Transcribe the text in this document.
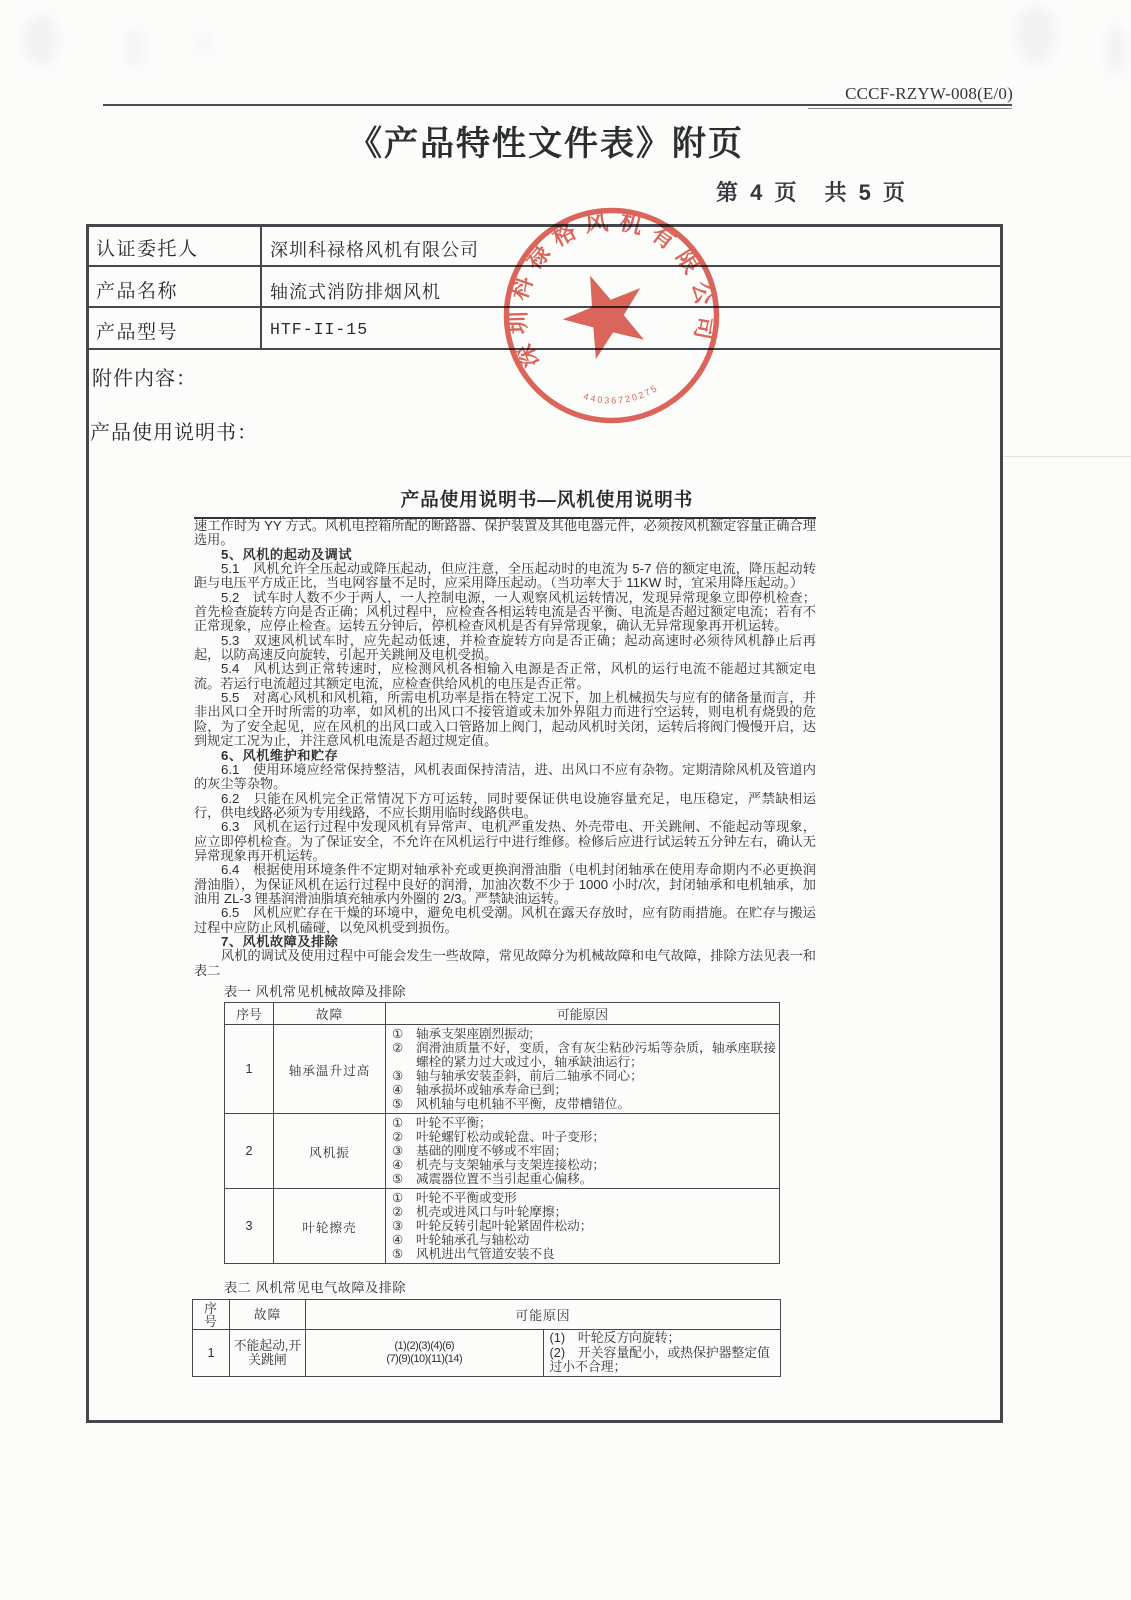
CCCF-RZYW-008(E/0)
《产品特性文件表》附页
第 4 页　共 5 页
认证委托人	深圳科禄格风机有限公司
产品名称	轴流式消防排烟风机
产品型号	HTF-II-15
附件内容：
产品使用说明书：
深圳科禄格风机有限公司
44036720275
产品使用说明书—风机使用说明书

速工作时为 YY 方式。风机电控箱所配的断路器、保护装置及其他电器元件，必须按风机额定容量正确合理选用。

5、风机的起动及调试

5.1　风机允许全压起动或降压起动，但应注意，全压起动时的电流为 5-7 倍的额定电流，降压起动转距与电压平方成正比，当电网容量不足时，应采用降压起动。（当功率大于 11KW 时，宜采用降压起动。）

5.2　试车时人数不少于两人，一人控制电源，一人观察风机运转情况，发现异常现象立即停机检查；首先检查旋转方向是否正确；风机过程中，应检查各相运转电流是否平衡、电流是否超过额定电流；若有不正常现象，应停止检查。运转五分钟后，停机检查风机是否有异常现象，确认无异常现象再开机运转。

5.3　双速风机试车时，应先起动低速，并检查旋转方向是否正确；起动高速时必须待风机静止后再起，以防高速反向旋转，引起开关跳闸及电机受损。

5.4　风机达到正常转速时，应检测风机各相输入电源是否正常，风机的运行电流不能超过其额定电流。若运行电流超过其额定电流，应检查供给风机的电压是否正常。

5.5　对离心风机和风机箱，所需电机功率是指在特定工况下，加上机械损失与应有的储备量而言，并非出风口全开时所需的功率，如风机的出风口不接管道或未加外界阻力而进行空运转，则电机有烧毁的危险，为了安全起见，应在风机的出风口或入口管路加上阀门，起动风机时关闭，运转后将阀门慢慢开启，达到规定工况为止，并注意风机电流是否超过规定值。

6、风机维护和贮存

6.1　使用环境应经常保持整洁，风机表面保持清洁，进、出风口不应有杂物。定期清除风机及管道内的灰尘等杂物。

6.2　只能在风机完全正常情况下方可运转，同时要保证供电设施容量充足，电压稳定，严禁缺相运行，供电线路必须为专用线路，不应长期用临时线路供电。

6.3　风机在运行过程中发现风机有异常声、电机严重发热、外壳带电、开关跳闸、不能起动等现象，应立即停机检查。为了保证安全，不允许在风机运行中进行维修。检修后应进行试运转五分钟左右，确认无异常现象再开机运转。

6.4　根据使用环境条件不定期对轴承补充或更换润滑油脂（电机封闭轴承在使用寿命期内不必更换润滑油脂），为保证风机在运行过程中良好的润滑，加油次数不少于 1000 小时/次，封闭轴承和电机轴承，加油用 ZL-3 锂基润滑油脂填充轴承内外圈的 2/3。严禁缺油运转。

6.5　风机应贮存在干燥的环境中，避免电机受潮。风机在露天存放时，应有防雨措施。在贮存与搬运过程中应防止风机磕碰，以免风机受到损伤。

7、风机故障及排除

风机的调试及使用过程中可能会发生一些故障，常见故障分为机械故障和电气故障，排除方法见表一和表二

表一 风机常见机械故障及排除
序号	故障	可能原因
1	轴承温升过高	
① 轴承支架座剧烈振动;
② 润滑油质量不好，变质，含有灰尘粘砂污垢等杂质，轴承座联接螺栓的紧力过大或过小，轴承缺油运行；
③ 轴与轴承安装歪斜，前后二轴承不同心；
④ 轴承损坏或轴承寿命已到；
⑤ 风机轴与电机轴不平衡，皮带槽错位。

2	风机振	
① 叶轮不平衡；
② 叶轮螺钉松动或轮盘、叶子变形；
③ 基础的刚度不够或不牢固；
④ 机壳与支架轴承与支架连接松动；
⑤ 减震器位置不当引起重心偏移。

3	叶轮擦壳	
① 叶轮不平衡或变形
② 机壳或进风口与叶轮摩擦；
③ 叶轮反转引起叶轮紧固件松动；
④ 叶轮轴承孔与轴松动
⑤ 风机进出气管道安装不良
表二 风机常见电气故障及排除
序号	故障	可能原因	
1	不能起动,开关跳闸	
(1)(2)(3)(4)(6)
(7)(9)(10)(11)(14)

(1)　叶轮反方向旋转；
(2)　开关容量配小，或热保护器整定值过小不合理；
